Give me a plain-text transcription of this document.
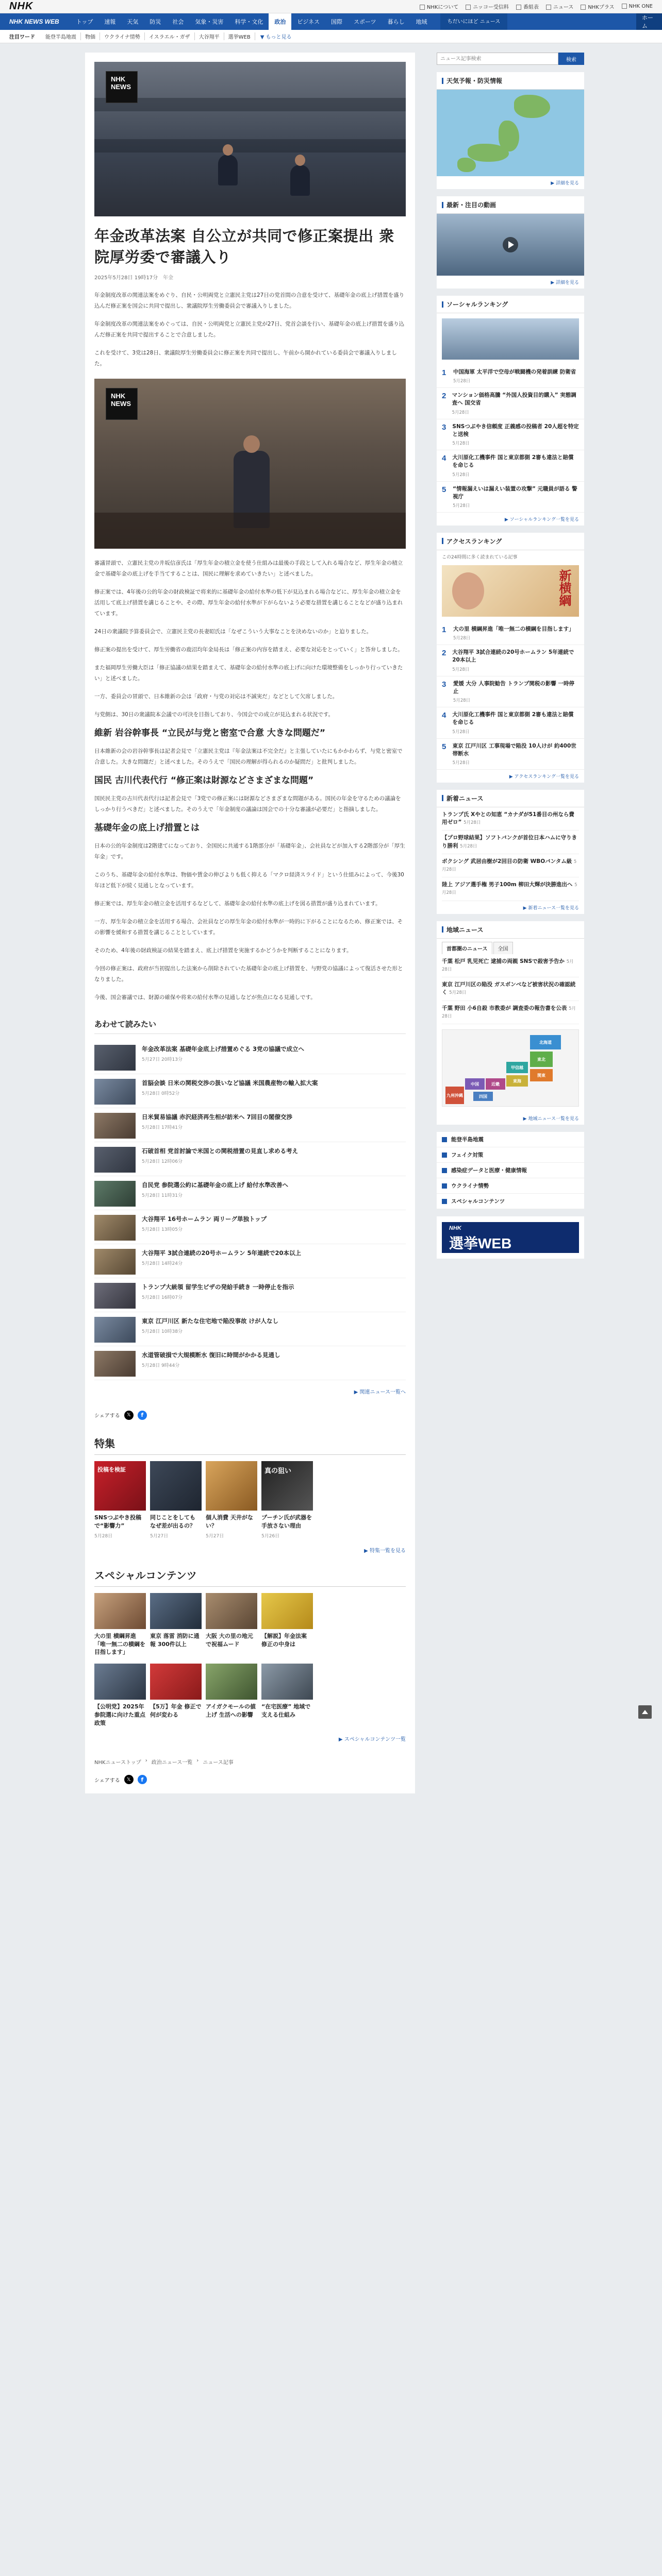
NHK	NHKについて	ニッコー受信料	番組表	ニュース	NHKプラス	NHK ONE
NHK NEWS WEB	トップ	速報	天気	防災	社会	気象・災害	科学・文化	政治	ビジネス	国際	スポーツ	暮らし	地域	ちだいにほど ニュース
ホーム
注目ワード	能登半島地震	物価	ウクライナ情勢	イスラエル・ガザ	大谷翔平	選挙WEB	▼ もっと見る
NHK NEWS
年金改革法案 自公立が共同で修正案提出 衆院厚労委で審議入り
2025年5月28日 19時17分 年金

年金制度改革の関連法案をめぐり、自民・公明両党と立憲民主党は27日の党首間の合意を受けて、基礎年金の底上げ措置を盛り込んだ修正案を国会に共同で提出し、衆議院厚生労働委員会で審議入りしました。

年金制度改革の関連法案をめぐっては、自民・公明両党と立憲民主党が27日、党首会談を行い、基礎年金の底上げ措置を盛り込んだ修正案を共同で提出することで合意しました。

これを受けて、3党は28日、衆議院厚生労働委員会に修正案を共同で提出し、午前から開かれている委員会で審議入りしました。

NHK NEWS

審議冒頭で、立憲民主党の井坂信彦氏は「厚生年金の積立金を使う仕組みは最後の手段として入れる場合など、厚生年金の積立金で基礎年金の底上げを手当てすることは、国民に理解を求めていきたい」と述べました。

修正案では、4年後の公的年金の財政検証で将来的に基礎年金の給付水準の低下が見込まれる場合などに、厚生年金の積立金を活用して底上げ措置を講じることや、その際、厚生年金の給付水準が下がらないよう必要な措置を講じることなどが盛り込まれています。

24日の衆議院予算委員会で、立憲民主党の長妻昭氏は「なぜこういう大事なことを決めないのか」と迫りました。

修正案の提出を受けて、厚生労働省の鹿沼均年金局長は「修正案の内容を踏まえ、必要な対応をとっていく」と答弁しました。

また福岡厚生労働大臣は「修正協議の結果を踏まえて、基礎年金の給付水準の底上げに向けた環境整備をしっかり行っていきたい」と述べました。

一方、委員会の冒頭で、日本維新の会は「政府・与党の対応は不誠実だ」などとして欠席しました。

与党側は、30日の衆議院本会議での可決を目指しており、今国会での成立が見込まれる状況です。

維新 岩谷幹事長 “立民が与党と密室で合意 大きな問題だ”

日本維新の会の岩谷幹事長は記者会見で「立憲民主党は『年金法案は不完全だ』と主張していたにもかかわらず、与党と密室で合意した。大きな問題だ」と述べました。そのうえで「国民の理解が得られるのか疑問だ」と批判しました。

国民 古川代表代行 “修正案は財源などさまざまな問題”

国民民主党の古川代表代行は記者会見で「3党での修正案には財源などさまざまな問題がある。国民の年金を守るための議論をしっかり行うべきだ」と述べました。そのうえで「年金制度の議論は国会での十分な審議が必要だ」と指摘しました。

基礎年金の底上げ措置とは

日本の公的年金制度は2階建てになっており、全国民に共通する1階部分が「基礎年金」、会社員などが加入する2階部分が「厚生年金」です。

このうち、基礎年金の給付水準は、物価や賃金の伸びよりも低く抑える「マクロ経済スライド」という仕組みによって、今後30年ほど低下が続く見通しとなっています。

修正案では、厚生年金の積立金を活用するなどして、基礎年金の給付水準の底上げを図る措置が盛り込まれています。

一方、厚生年金の積立金を活用する場合、会社員などの厚生年金の給付水準が一時的に下がることになるため、修正案では、その影響を緩和する措置を講じることとしています。

そのため、4年後の財政検証の結果を踏まえ、底上げ措置を実施するかどうかを判断することになります。

今回の修正案は、政府が当初提出した法案から削除されていた基礎年金の底上げ措置を、与野党の協議によって復活させた形となりました。

今後、国会審議では、財源の確保や将来の給付水準の見通しなどが焦点になる見通しです。

あわせて読みたい
年金改革法案 基礎年金底上げ措置めぐる 3党の協議で成立へ
5月27日 20時13分
首脳会談 日米の関税交渉の扱いなど協議 米国農産物の輸入拡大案
5月28日 0時52分
日米貿易協議 赤沢経済再生相が訪米へ 7回目の閣僚交渉
5月28日 17時41分
石破首相 党首討論で米国との関税措置の見直し求める考え
5月28日 12時06分
自民党 参院選公約に基礎年金の底上げ 給付水準改善へ
5月28日 11時31分
大谷翔平 16号ホームラン 両リーグ単独トップ
5月28日 13時05分
大谷翔平 3試合連続の20号ホームラン 5年連続で20本以上
5月28日 14時24分
トランプ大統領 留学生ビザの発給手続き 一時停止を指示
5月28日 16時07分
東京 江戸川区 新たな住宅地で陥没事故 けが人なし
5月28日 10時38分
水道管破損で大規模断水 復旧に時間がかかる見通し
5月28日 9時44分
▶ 関連ニュース一覧へ
シェアする	𝕏	f
特集
投稿を検証
SNSつぶやき投稿で“影響力”
5月28日
同じことをしても なぜ差が出るの？
5月27日
個人消費 天井がない？
5月27日
真の狙い
プーチン氏が武器を手放さない理由
5月26日
▶ 特集一覧を見る
スペシャルコンテンツ
大の里 横綱昇進「唯一無二の横綱を目指します」
東京 落雷 消防に通報 300件以上
大阪 大の里の地元で祝福ムード
【解説】年金法案 修正の中身は
【公明党】2025年 参院選に向けた重点政策
【5万】年金 修正で何が変わる
アイガクモールの値上げ 生活への影響
“在宅医療” 地域で支える仕組み
▶ スペシャルコンテンツ一覧
NHKニューストップ › 政治ニュース一覧 › ニュース記事
シェアする	𝕏	f
ニュース記事検索
検索
天気予報・防災情報
▶ 詳細を見る
最新・注目の動画
▶ 詳細を見る
ソーシャルランキング
1	中国海軍 太平洋で空母が戦闘機の発着訓練 防衛省
5月28日
2	マンション価格高騰 “外国人投資目的購入” 実態調査へ 国交省
5月28日
3	SNSつぶやき信頼度 正義感の投稿者 20人超を特定と送検
5月28日
4	大川原化工機事件 国と東京都側 2審も違法と賠償を命じる
5月28日
5	“情報漏えいは漏えい装置の攻撃” 元職員が語る 警視庁
5月28日
▶ ソーシャルランキング一覧を見る
アクセスランキング
この24時間に多く読まれている記事
新横綱
1	大の里 横綱昇進「唯一無二の横綱を目指します」
5月28日
2	大谷翔平 3試合連続の20号ホームラン 5年連続で20本以上
5月28日
3	愛媛 大分 人事院勧告 トランプ関税の影響 一時停止
5月28日
4	大川原化工機事件 国と東京都側 2審も違法と賠償を命じる
5月28日
5	東京 江戸川区 工事現場で陥没 10人けが 約400世帯断水
5月28日
▶ アクセスランキング一覧を見る
新着ニュース
トランプ氏 Xやとの知恵 “カナダが51番目の州なら費用ゼロ” 5月28日
【プロ野球結果】ソフトバンクが首位日本ハムに守りきり勝利 5月28日
ボクシング 武居由樹が2回目の防衛 WBOバンタム級 5月28日
陸上 アジア選手権 男子100m 柳田大輝が決勝進出へ 5月28日
▶ 新着ニュース一覧を見る
地域ニュース
首都圏のニュース	全国
千葉 松戸 乳児死亡 逮捕の両親 SNSで殺害予告か 5月28日
東京 江戸川区の陥没 ガスボンベなど被害状況の確認続く 5月28日
千葉 野田 小6自殺 市教委が 調査委の報告書を公表 5月28日
北海道
東北
関東
甲信越
東海
近畿
中国
四国
九州沖縄
▶ 地域ニュース一覧を見る
能登半島地震
フェイク対策
感染症データと医療・健康情報
ウクライナ情勢
スペシャルコンテンツ
NHK
選挙WEB
